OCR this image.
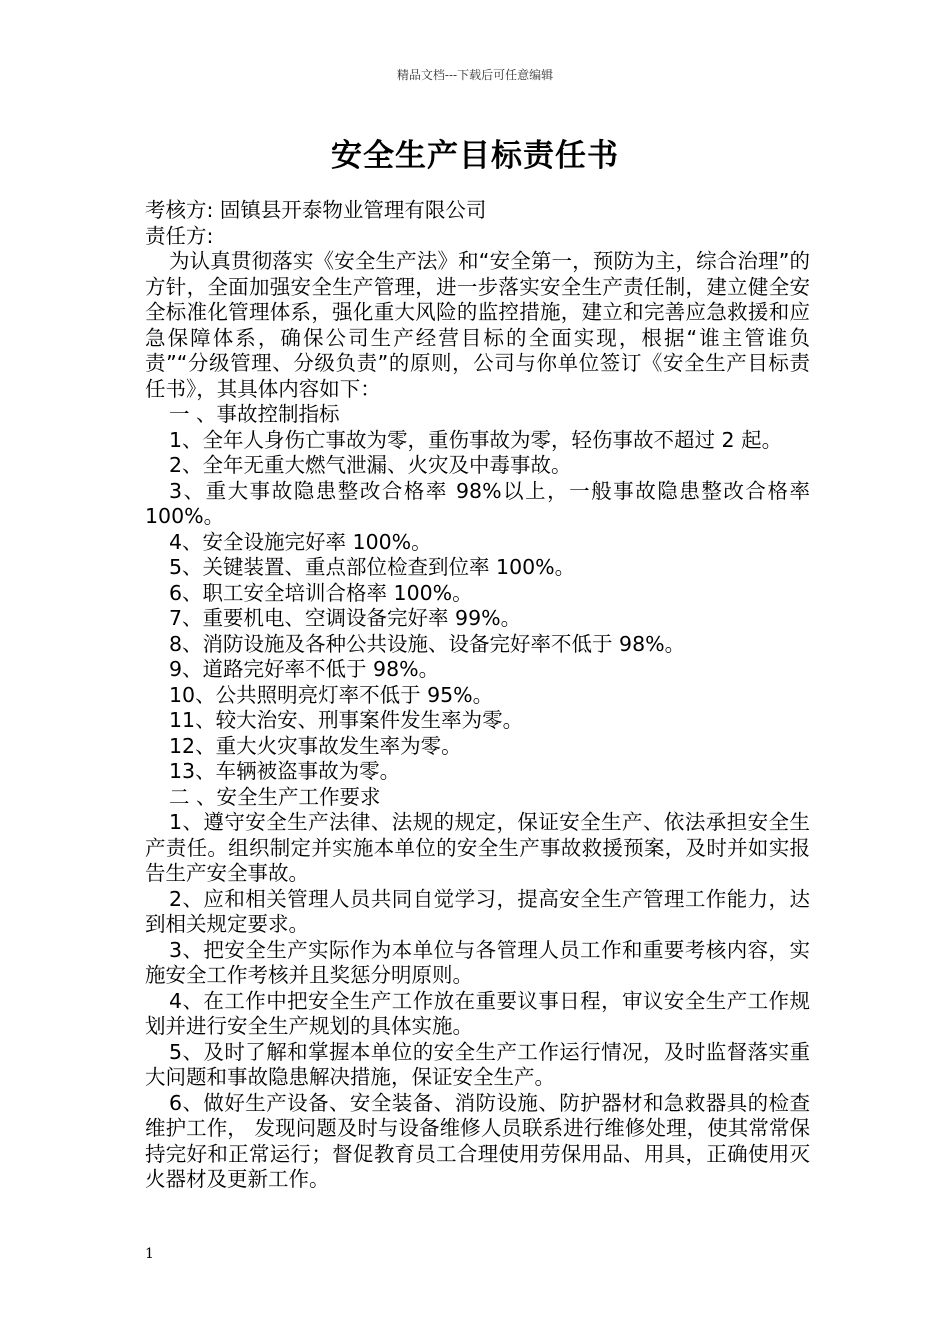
精品文档---下载后可任意编辑
安全生产目标责任书

考核方: 固镇县开泰物业管理有限公司

责任方:

为认真贯彻落实《安全生产法》和“安全第一，预防为主，综合治理”的方针，全面加强安全生产管理，进一步落实安全生产责任制，建立健全安全标准化管理体系，强化重大风险的监控措施，建立和完善应急救援和应急保障体系，确保公司生产经营目标的全面实现，根据“谁主管谁负责”“分级管理、分级负责”的原则，公司与你单位签订《安全生产目标责任书》，其具体内容如下：

一 、事故控制指标

1、全年人身伤亡事故为零，重伤事故为零，轻伤事故不超过 2 起。

2、全年无重大燃气泄漏、火灾及中毒事故。

3、重大事故隐患整改合格率 98%以上，一般事故隐患整改合格率 100%。

4、安全设施完好率 100%。

5、关键装置、重点部位检查到位率 100%。

6、职工安全培训合格率 100%。

7、重要机电、空调设备完好率 99%。

8、消防设施及各种公共设施、设备完好率不低于 98%。

9、道路完好率不低于 98%。

10、公共照明亮灯率不低于 95%。

11、较大治安、刑事案件发生率为零。

12、重大火灾事故发生率为零。

13、车辆被盗事故为零。

二 、安全生产工作要求

1、遵守安全生产法律、法规的规定，保证安全生产、依法承担安全生产责任。组织制定并实施本单位的安全生产事故救援预案，及时并如实报告生产安全事故。

2、应和相关管理人员共同自觉学习，提高安全生产管理工作能力，达到相关规定要求。

3、把安全生产实际作为本单位与各管理人员工作和重要考核内容，实施安全工作考核并且奖惩分明原则。

4、在工作中把安全生产工作放在重要议事日程，审议安全生产工作规划并进行安全生产规划的具体实施。

5、及时了解和掌握本单位的安全生产工作运行情况，及时监督落实重大问题和事故隐患解决措施，保证安全生产。

6、做好生产设备、安全装备、消防设施、防护器材和急救器具的检查维护工作， 发现问题及时与设备维修人员联系进行维修处理，使其常常保持完好和正常运行；督促教育员工合理使用劳保用品、用具，正确使用灭火器材及更新工作。

1
